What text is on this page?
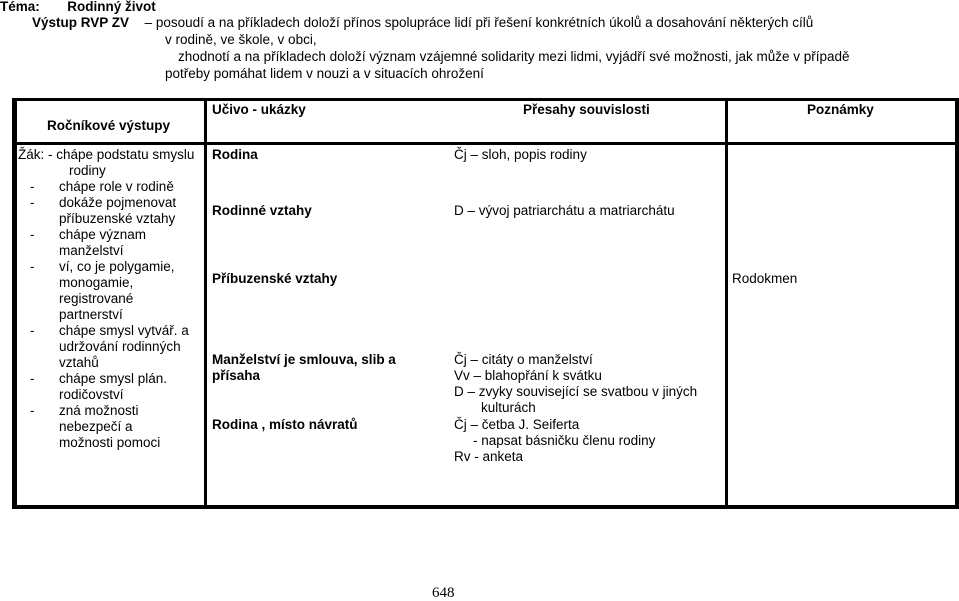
Téma: Rodinný život
Výstup RVP ZV – posoudí a na příkladech doloží přínos spolupráce lidí při řešení konkrétních úkolů a dosahování některých cílů
v rodině, ve škole, v obci,
zhodnotí a na příkladech doloží význam vzájemné solidarity mezi lidmi, vyjádří své možnosti, jak může v případě
potřeby pomáhat lidem v nouzi a v situacích ohrožení
Ročníkové výstupy
Učivo - ukázky	Přesahy souvislosti	Poznámky
Žák: - chápe podstatu smyslu
rodiny
- chápe role v rodině
- dokáže pojmenovat
příbuzenské vztahy
- chápe význam
manželství
- ví, co je polygamie,
monogamie,
registrované
partnerství
- chápe smysl vytvář. a
udržování rodinných
vztahů
- chápe smysl plán.
rodičovství
- zná možnosti
nebezpečí a
možnosti pomoci
Rodina
Rodinné vztahy
Příbuzenské vztahy
Manželství je smlouva, slib a
přísaha
Rodina , místo návratů
Čj – sloh, popis rodiny
D – vývoj patriarchátu a matriarchátu
Čj – citáty o manželství
Vv – blahopřání k svátku
D – zvyky související se svatbou v jiných
kulturách
Čj – četba J. Seiferta
- napsat básničku členu rodiny
Rv - anketa
Rodokmen
648
